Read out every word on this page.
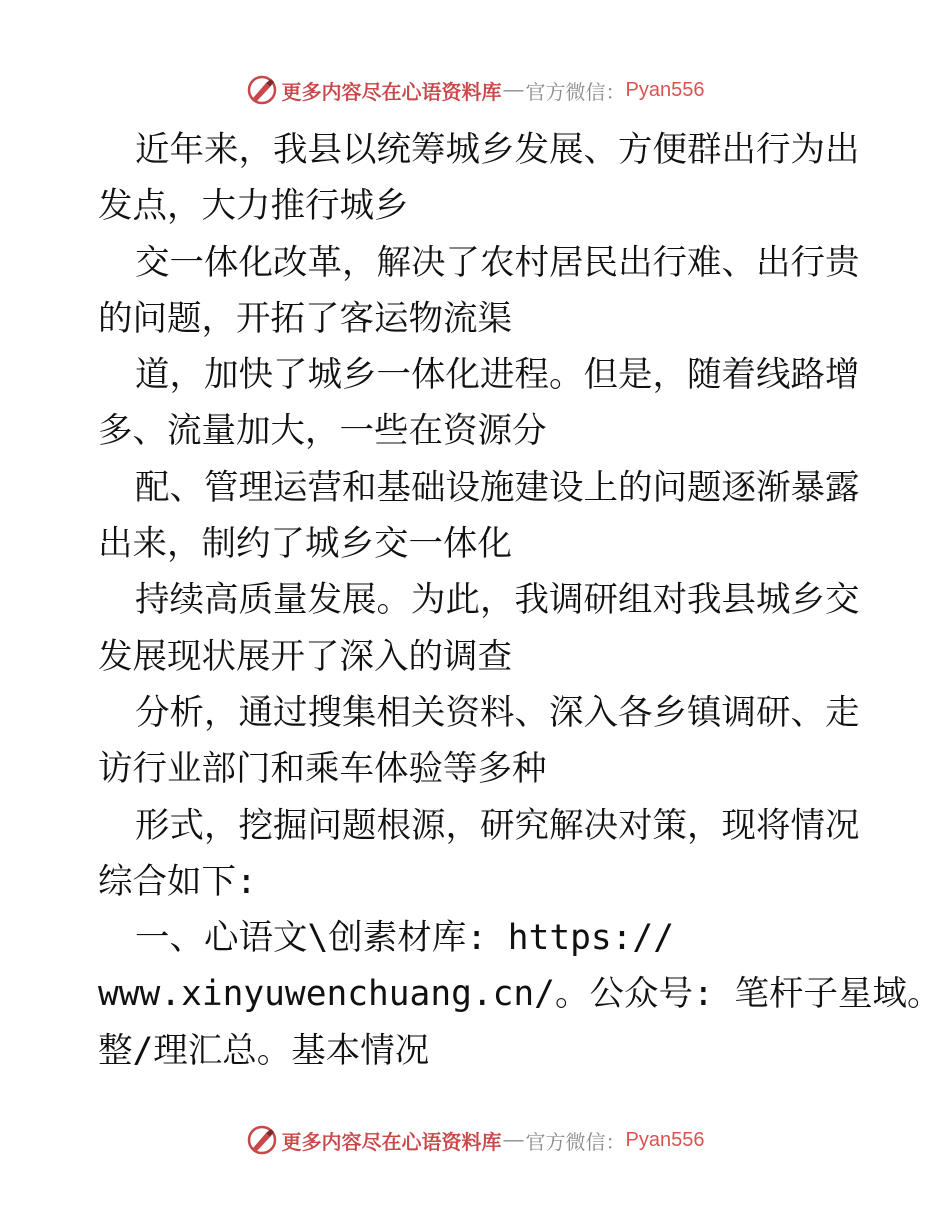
更多内容尽在心语资料库 — 官方微信： Pyan556
近年来，我县以统筹城乡发展、方便群出行为出
发点，大力推行城乡
交一体化改革，解决了农村居民出行难、出行贵
的问题，开拓了客运物流渠
道，加快了城乡一体化进程。但是，随着线路增
多、流量加大，一些在资源分
配、管理运营和基础设施建设上的问题逐渐暴露
出来，制约了城乡交一体化
持续高质量发展。为此，我调研组对我县城乡交
发展现状展开了深入的调查
分析，通过搜集相关资料、深入各乡镇调研、走
访行业部门和乘车体验等多种
形式，挖掘问题根源，研究解决对策，现将情况
综合如下:
一、心语文\创素材库: https://
www.xinyuwenchuang.cn/。公众号: 笔杆子星域。
整/理汇总。基本情况
更多内容尽在心语资料库 — 官方微信： Pyan556
